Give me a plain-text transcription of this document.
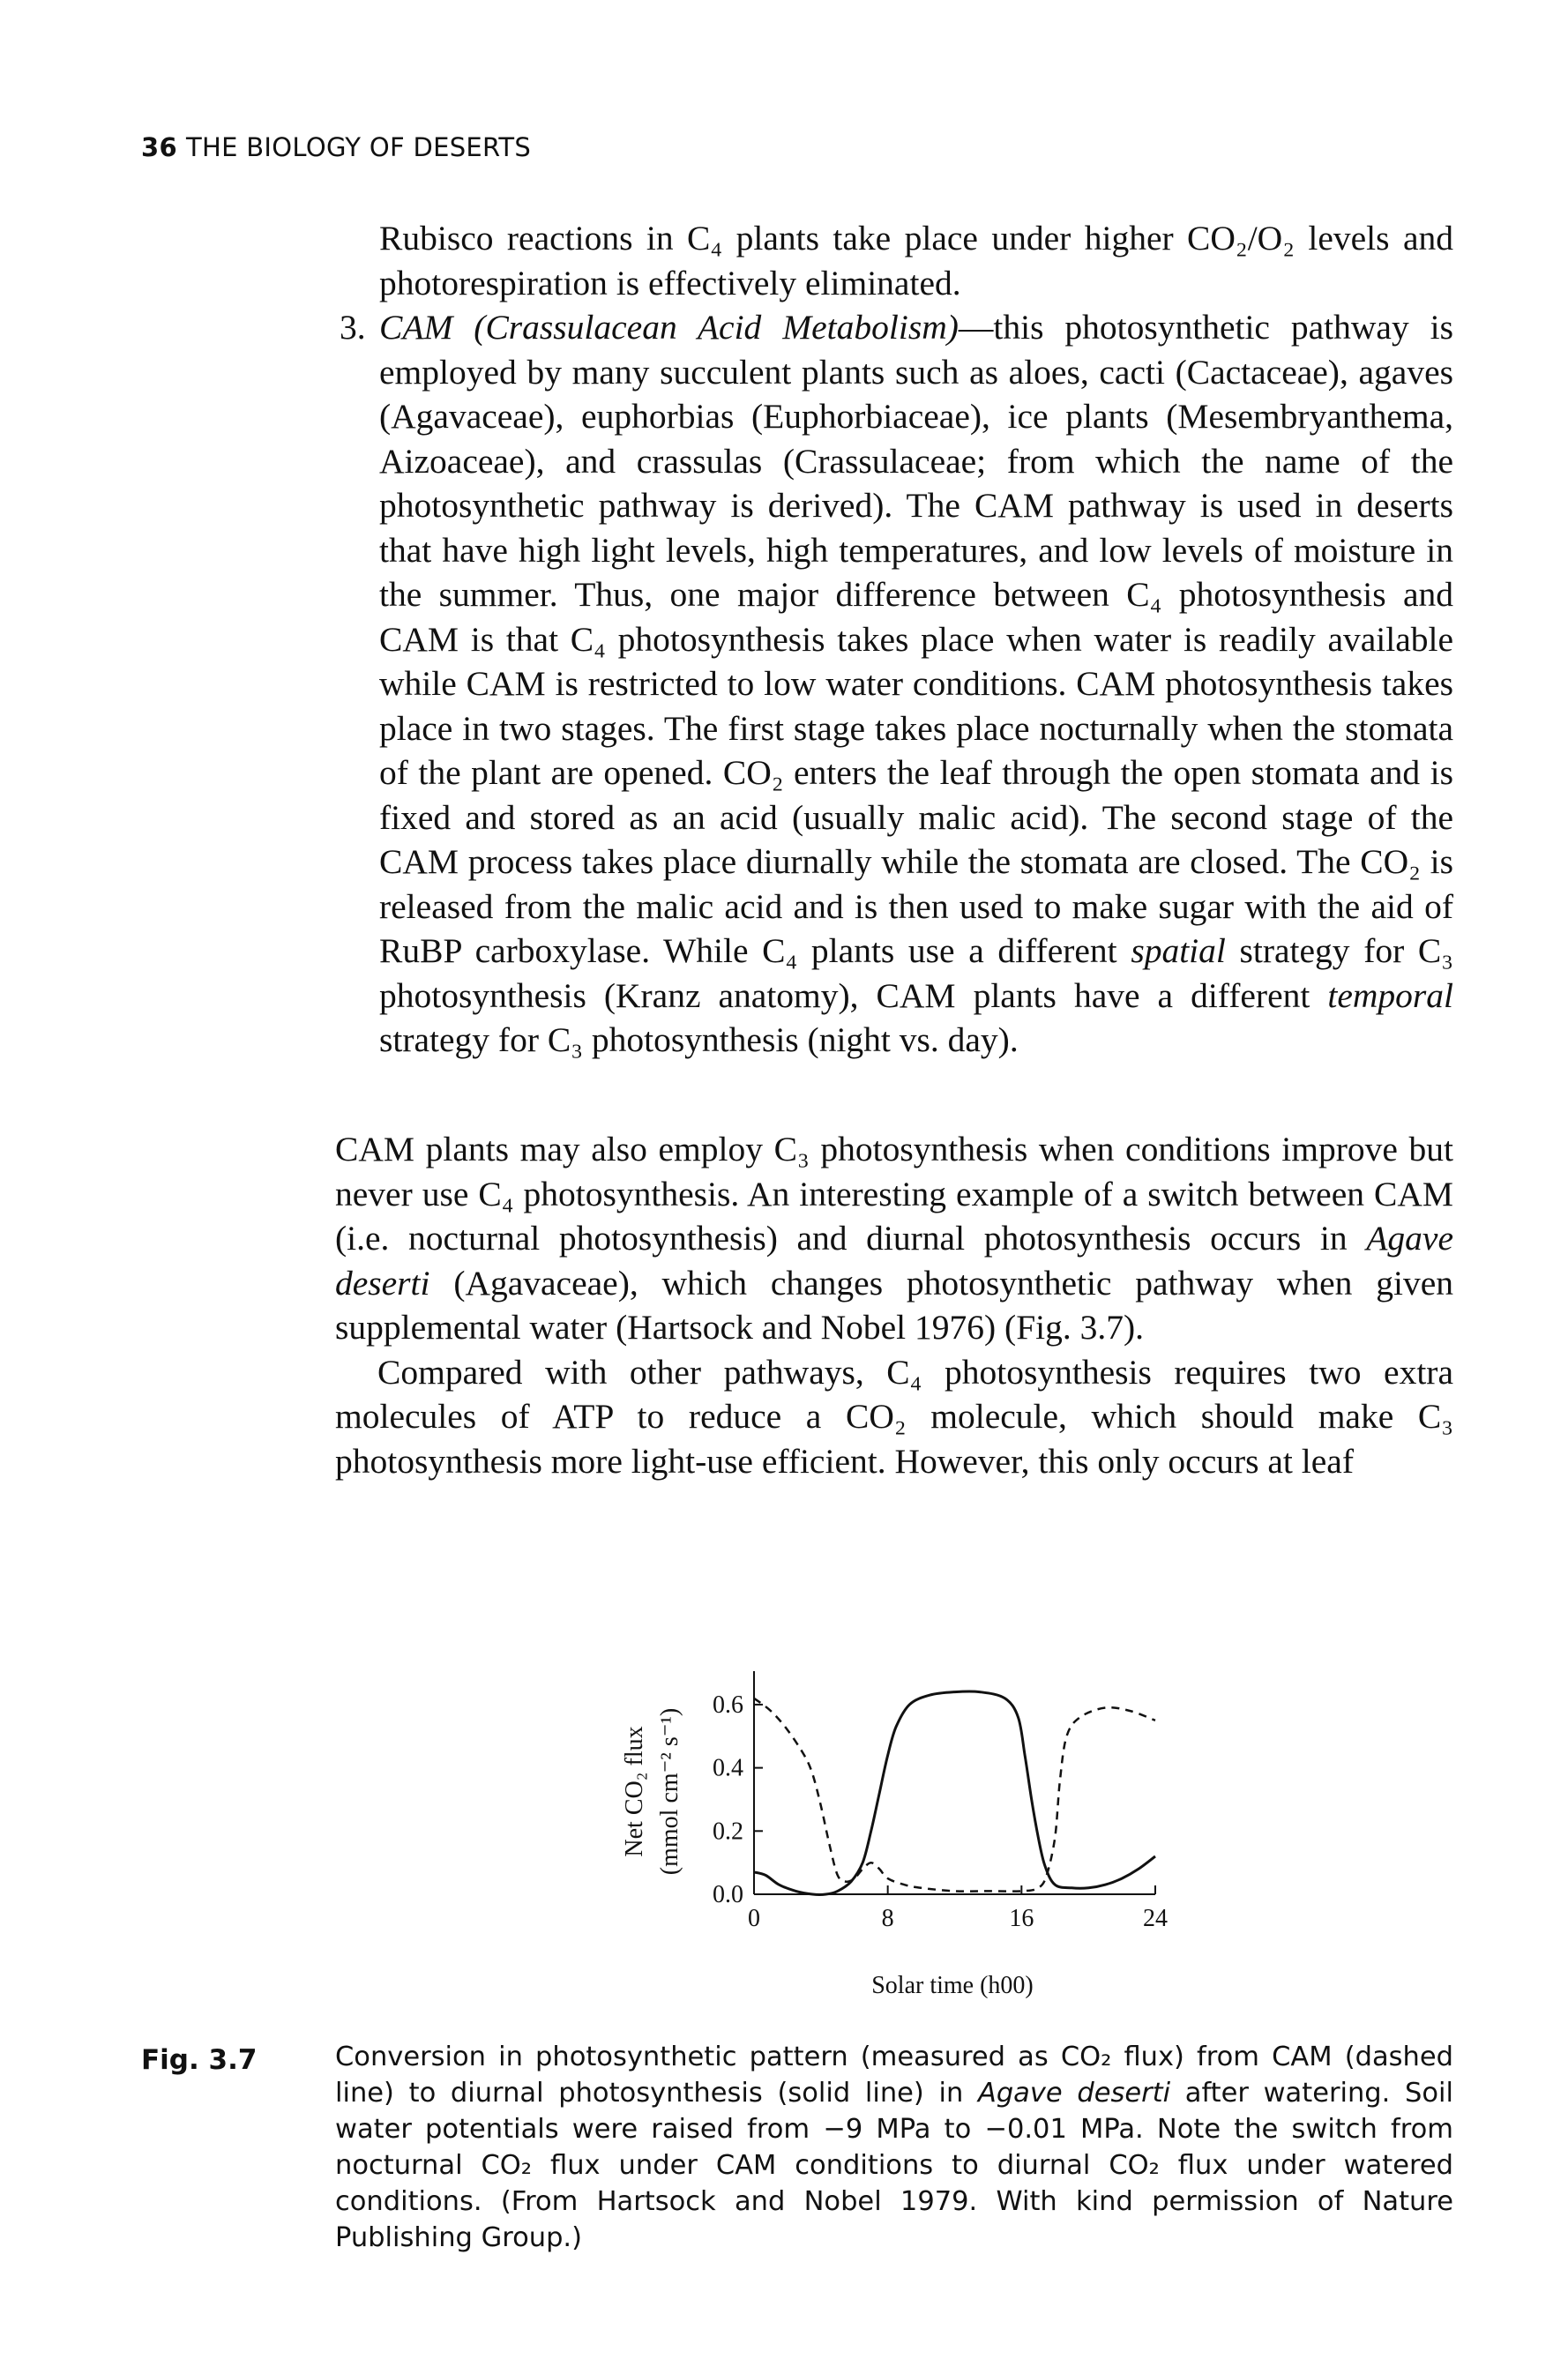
36 THE BIOLOGY OF DESERTS

Rubisco reactions in C₄ plants take place under higher CO₂/O₂ levels and photorespiration is effectively eliminated.

3. CAM (Crassulacean Acid Metabolism)—this photosynthetic pathway is employed by many succulent plants such as aloes, cacti (Cactaceae), agaves (Agavaceae), euphorbias (Euphorbiaceae), ice plants (Mesembryanthema, Aizoaceae), and crassulas (Crassulaceae; from which the name of the photosynthetic pathway is derived). The CAM pathway is used in deserts that have high light levels, high temperatures, and low levels of moisture in the summer. Thus, one major difference between C₄ photosynthesis and CAM is that C₄ photosynthesis takes place when water is readily available while CAM is restricted to low water conditions. CAM photosynthesis takes place in two stages. The first stage takes place nocturnally when the stomata of the plant are opened. CO₂ enters the leaf through the open stomata and is fixed and stored as an acid (usually malic acid). The second stage of the CAM process takes place diurnally while the stomata are closed. The CO₂ is released from the malic acid and is then used to make sugar with the aid of RuBP carboxylase. While C₄ plants use a different spatial strategy for C₃ photosynthesis (Kranz anatomy), CAM plants have a different temporal strategy for C₃ photosynthesis (night vs. day).

CAM plants may also employ C₃ photosynthesis when conditions improve but never use C₄ photosynthesis. An interesting example of a switch between CAM (i.e. nocturnal photosynthesis) and diurnal photosynthesis occurs in Agave deserti (Agavaceae), which changes photosynthetic pathway when given supplemental water (Hartsock and Nobel 1976) (Fig. 3.7).

Compared with other pathways, C₄ photosynthesis requires two extra molecules of ATP to reduce a CO₂ molecule, which should make C₃ photosynthesis more light-use efficient. However, this only occurs at leaf

Net CO₂ flux (mmol cm⁻² s⁻¹)
0	8	16	24
0.0
0.2
0.4
0.6
Solar time (h00)
Fig. 3.7	Conversion in photosynthetic pattern (measured as CO₂ flux) from CAM (dashed line) to diurnal photosynthesis (solid line) in Agave deserti after watering. Soil water potentials were raised from −9 MPa to −0.01 MPa. Note the switch from nocturnal CO₂ flux under CAM conditions to diurnal CO₂ flux under watered conditions. (From Hartsock and Nobel 1979. With kind permission of Nature Publishing Group.)
